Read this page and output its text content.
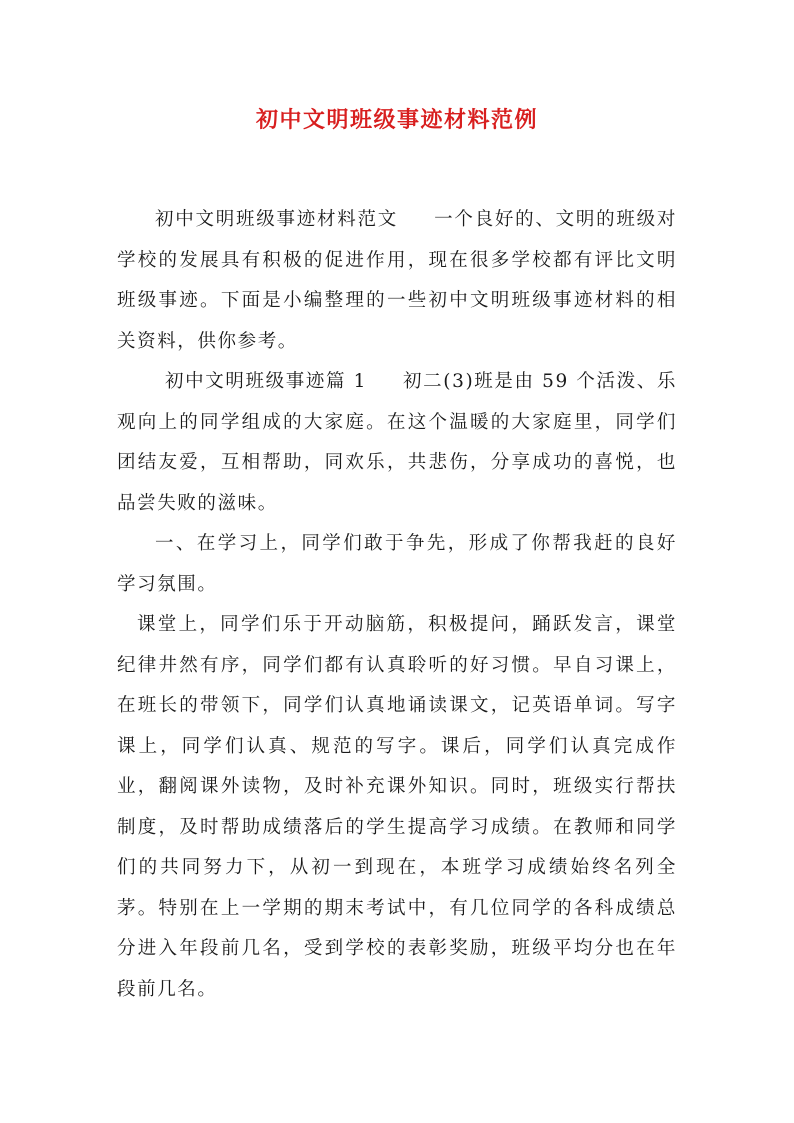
初中文明班级事迹材料范例

初中文明班级事迹材料范文 一个良好的、文明的班级对学校的发展具有积极的促进作用，现在很多学校都有评比文明班级事迹。下面是小编整理的一些初中文明班级事迹材料的相关资料，供你参考。

初中文明班级事迹篇 1 初二(3)班是由 59 个活泼、乐观向上的同学组成的大家庭。在这个温暖的大家庭里，同学们团结友爱，互相帮助，同欢乐，共悲伤，分享成功的喜悦，也品尝失败的滋味。

一、在学习上，同学们敢于争先，形成了你帮我赶的良好学习氛围。

课堂上，同学们乐于开动脑筋，积极提问，踊跃发言，课堂纪律井然有序，同学们都有认真聆听的好习惯。早自习课上，在班长的带领下，同学们认真地诵读课文，记英语单词。写字课上，同学们认真、规范的写字。课后，同学们认真完成作业，翻阅课外读物，及时补充课外知识。同时，班级实行帮扶制度，及时帮助成绩落后的学生提高学习成绩。在教师和同学们的共同努力下，从初一到现在，本班学习成绩始终名列全茅。特别在上一学期的期末考试中，有几位同学的各科成绩总分进入年段前几名，受到学校的表彰奖励，班级平均分也在年段前几名。
